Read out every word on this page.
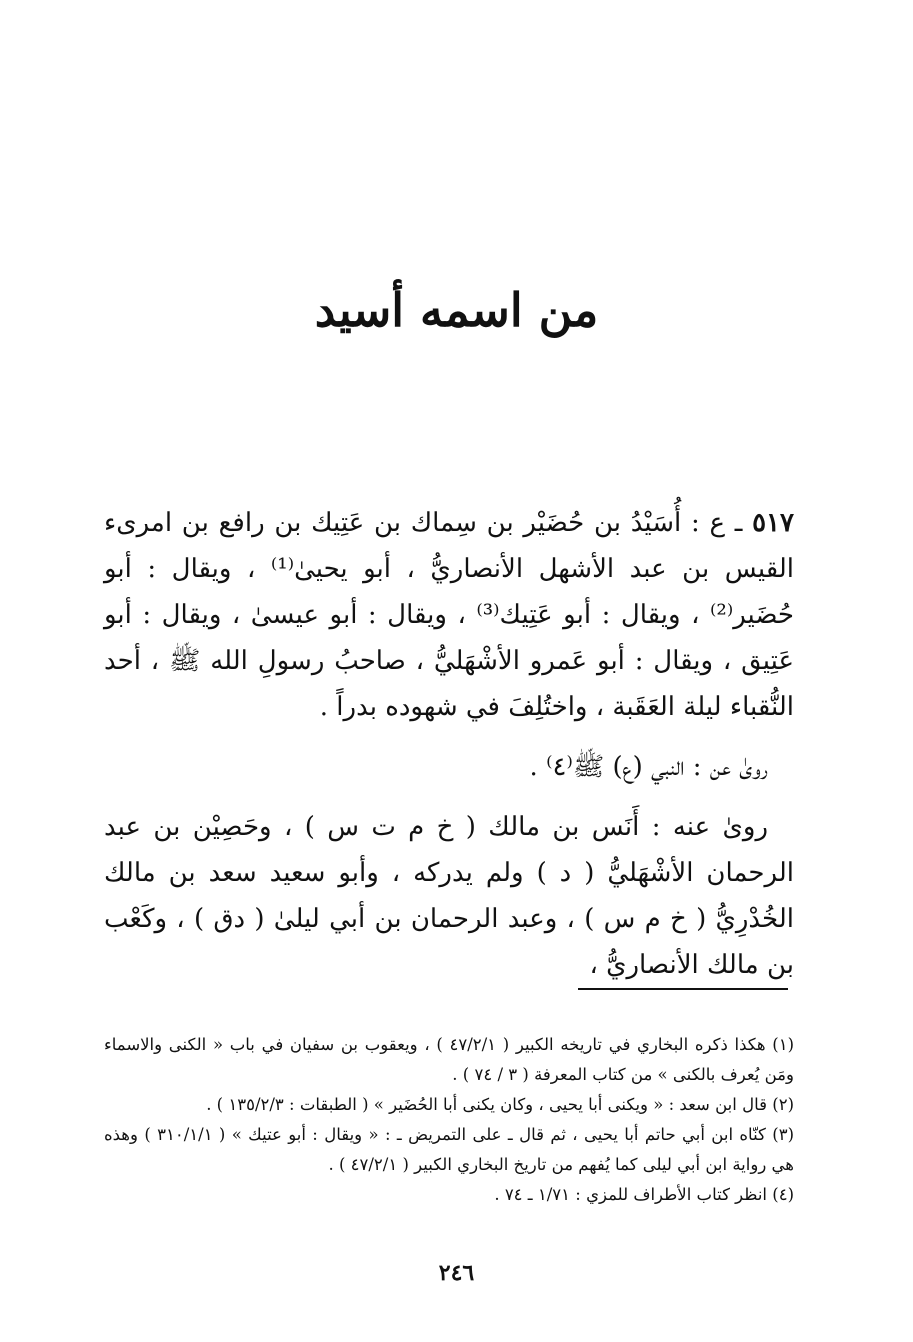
من اسمه أسيد

٥١٧ ـ ع : أُسَيْدُ بن حُضَيْر بن سِماك بن عَتِيك بن رافع بن امرىء القيس بن عبد الأشهل الأنصاريُّ ، أبو يحيىٰ⁽¹⁾ ، ويقال : أبو حُضَير⁽²⁾ ، ويقال : أبو عَتِيك⁽³⁾ ، ويقال : أبو عيسىٰ ، ويقال : أبو عَتِيق ، ويقال : أبو عَمرو الأشْهَليُّ ، صاحبُ رسولِ الله ﷺ ، أحد النُّقباء ليلة العَقَبة ، واختُلِفَ في شهوده بدراً .

روىٰ عن : النبي (ع) ﷺ⁽٤⁾ .

روىٰ عنه : أَنَس بن مالك ( خ م ت س ) ، وحَصِيْن بن عبد الرحمان الأشْهَليُّ ( د ) ولم يدركه ، وأبو سعيد سعد بن مالك الخُدْرِيُّ ( خ م س ) ، وعبد الرحمان بن أبي ليلىٰ ( دق ) ، وكَعْب بن مالك الأنصاريُّ ،

(١) هكذا ذكره البخاري في تاريخه الكبير ( ٤٧/٢/١ ) ، ويعقوب بن سفيان في باب « الكنى والاسماء ومَن يُعرف بالكنى » من كتاب المعرفة ( ٣ / ٧٤ ) .

(٢) قال ابن سعد : « ويكنى أبا يحيى ، وكان يكنى أبا الحُضَير » ( الطبقات : ١٣٥/٢/٣ ) .

(٣) كنّاه ابن أبي حاتم أبا يحيى ، ثم قال ـ على التمريض ـ : « ويقال : أبو عتيك » ( ٣١٠/١/١ ) وهذه هي رواية ابن أبي ليلى كما يُفهم من تاريخ البخاري الكبير ( ٤٧/٢/١ ) .

(٤) انظر كتاب الأطراف للمزي : ١/٧١ ـ ٧٤ .

٢٤٦
